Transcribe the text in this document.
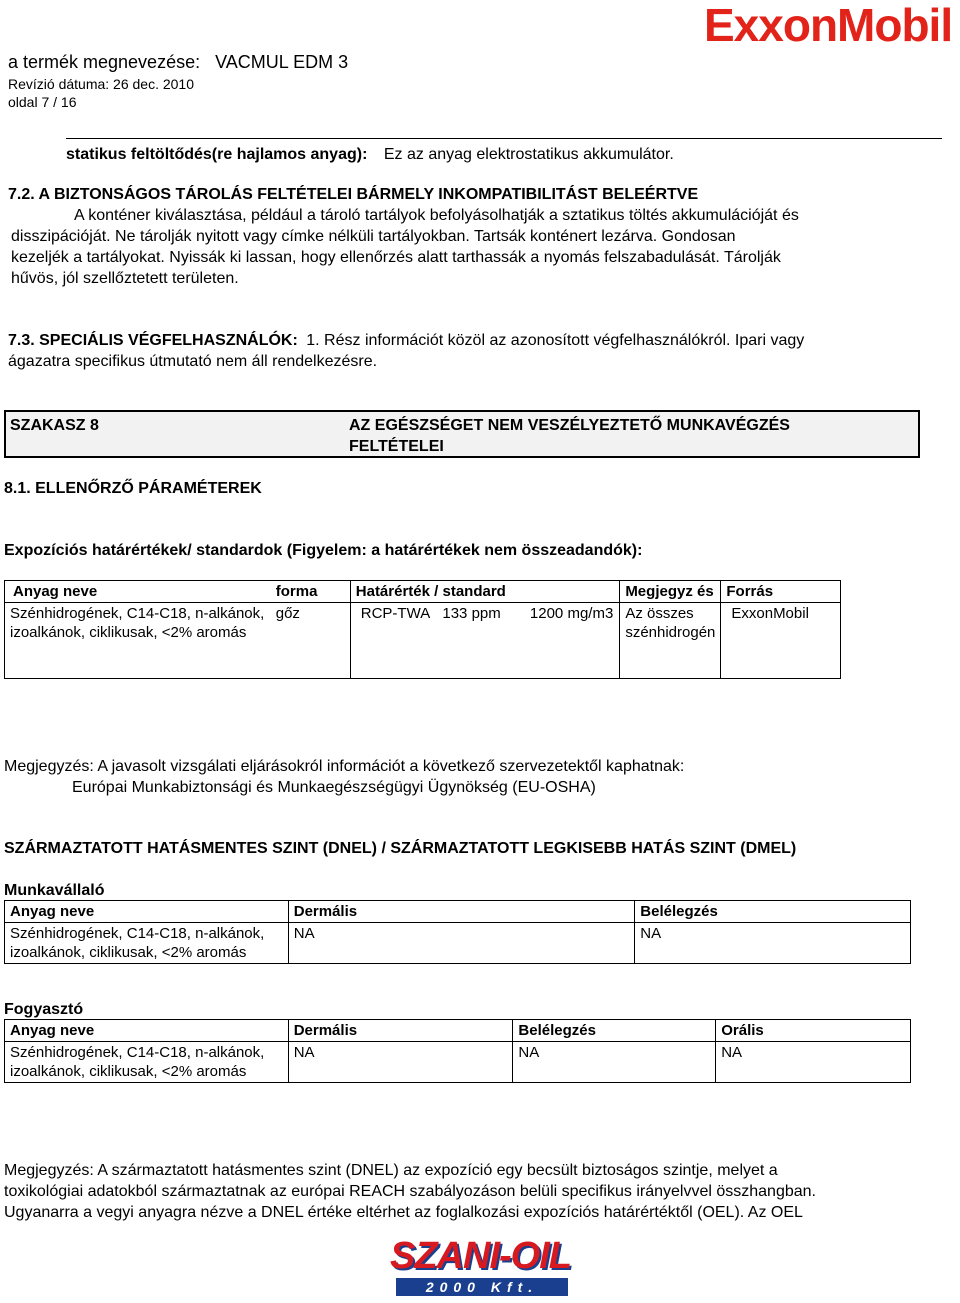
a termék megnevezése: VACMUL EDM 3
Revízió dátuma: 26 dec. 2010
oldal 7 / 16
ExxonMobil
statikus feltöltődés(re hajlamos anyag): Ez az anyag elektrostatikus akkumulátor.
7.2. A BIZTONSÁGOS TÁROLÁS FELTÉTELEI BÁRMELY INKOMPATIBILITÁST BELEÉRTVE
A konténer kiválasztása, például a tároló tartályok befolyásolhatják a sztatikus töltés akkumulációját és
disszipációját. Ne tárolják nyitott vagy címke nélküli tartályokban. Tartsák konténert lezárva. Gondosan
kezeljék a tartályokat. Nyissák ki lassan, hogy ellenőrzés alatt tarthassák a nyomás felszabadulását. Tárolják
hűvös, jól szellőztetett területen.
7.3. SPECIÁLIS VÉGFELHASZNÁLÓK: 1. Rész információt közöl az azonosított végfelhasználókról. Ipari vagy
ágazatra specifikus útmutató nem áll rendelkezésre.
SZAKASZ 8	AZ EGÉSZSÉGET NEM VESZÉLYEZTETŐ MUNKAVÉGZÉS
FELTÉTELEI
8.1. ELLENŐRZŐ PÁRAMÉTEREK
Expozíciós határértékek/ standardok (Figyelem: a határértékek nem összeadandók):
Anyag neve	forma	Határérték / standard			Megjegyz és	Forrás
Szénhidrogének, C14-C18, n-alkánok, izoalkánok, ciklikusak, <2% aromás	gőz	RCP-TWA	133 ppm	1200 mg/m3	Az összes szénhidrogén	ExxonMobil
Megjegyzés: A javasolt vizsgálati eljárásokról információt a következő szervezetektől kaphatnak:
Európai Munkabiztonsági és Munkaegészségügyi Ügynökség (EU-OSHA)
SZÁRMAZTATOTT HATÁSMENTES SZINT (DNEL) / SZÁRMAZTATOTT LEGKISEBB HATÁS SZINT (DMEL)
Munkavállaló
Anyag neve	Dermális	Belélegzés
Szénhidrogének, C14-C18, n-alkánok, izoalkánok, ciklikusak, <2% aromás	NA	NA
Fogyasztó
Anyag neve	Dermális	Belélegzés	Orális
Szénhidrogének, C14-C18, n-alkánok, izoalkánok, ciklikusak, <2% aromás	NA	NA	NA
Megjegyzés: A származtatott hatásmentes szint (DNEL) az expozíció egy becsült biztoságos szintje, melyet a
toxikológiai adatokból származtatnak az európai REACH szabályozáson belüli specifikus irányelvvel összhangban.
Ugyanarra a vegyi anyagra nézve a DNEL értéke eltérhet az foglalkozási expozíciós határértéktől (OEL). Az OEL
SZANI-OIL
2000 Kft.
